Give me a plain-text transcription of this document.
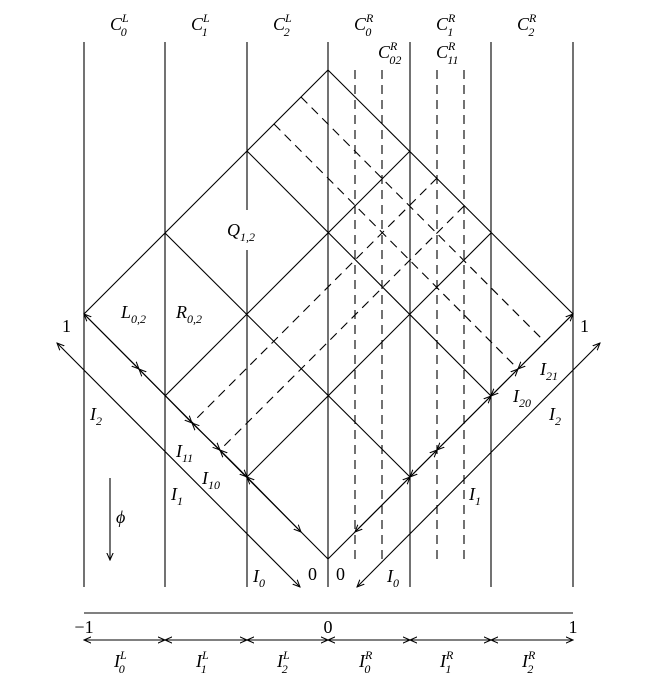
$C^L$ 0	$C^L$ 1	$C^L$ 2	$C^R$ 0	$C^R$ 1	$C^R$ 2
$C^R$ 02 $C^R$ 11
$Q_{1,2}$
$L_{0,2}$ $R_{0,2}$
1	1
0 0
ϕ
$I_2$
$I_{11}$
$I_{10}$
$I_1$
$I_0$	$I_0$
$I_1$
$I_2$
$I_{20}$
$I_{21}$
−1	0	1
$I^L$ 0	$I^L$ 1	$I^L$ 2	$I^R$ 0	$I^R$ 1	$I^R$ 2
